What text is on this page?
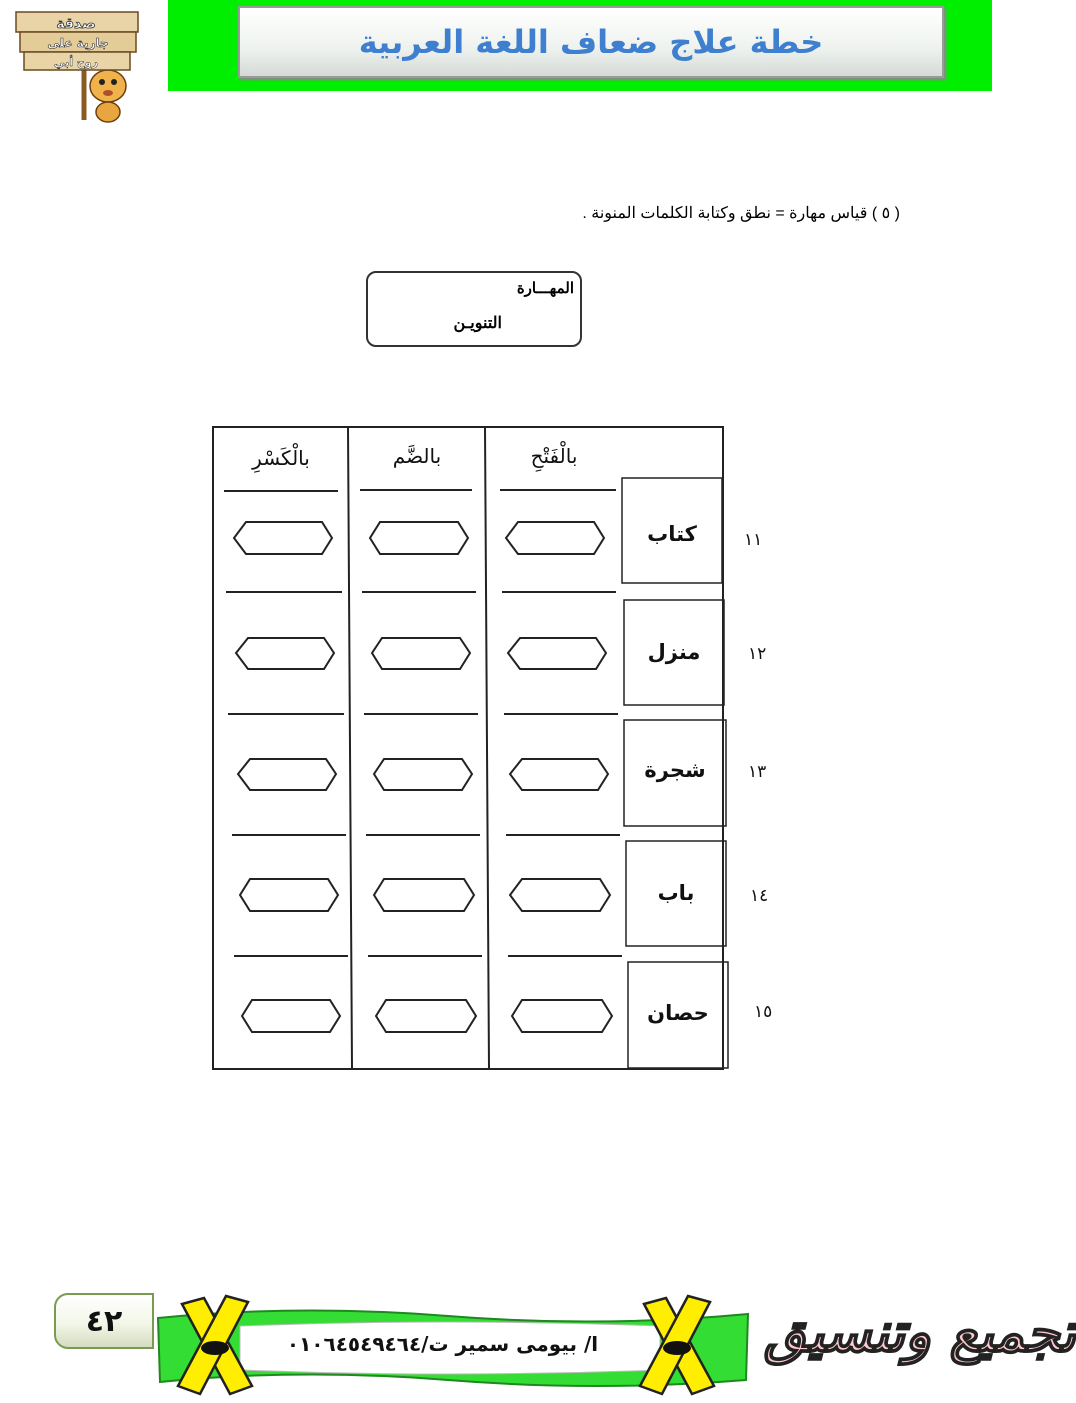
خطة علاج ضعاف اللغة العربية
صدقة
جارية على
روح أبي
( ٥ ) قياس مهارة = نطق وكتابة الكلمات المنونة .
المهـــارة
التنويـن
بالْفَتْحِ
بالضَّم
بالْكَسْرِ
كتاب
منزل
شجرة
باب
حصان
١١
١٢
١٣
١٤
١٥
٤٢
ا/ بيومى سمير ت/٠١٠٦٤٥٤٩٤٦٤	تجميع وتنسيق
